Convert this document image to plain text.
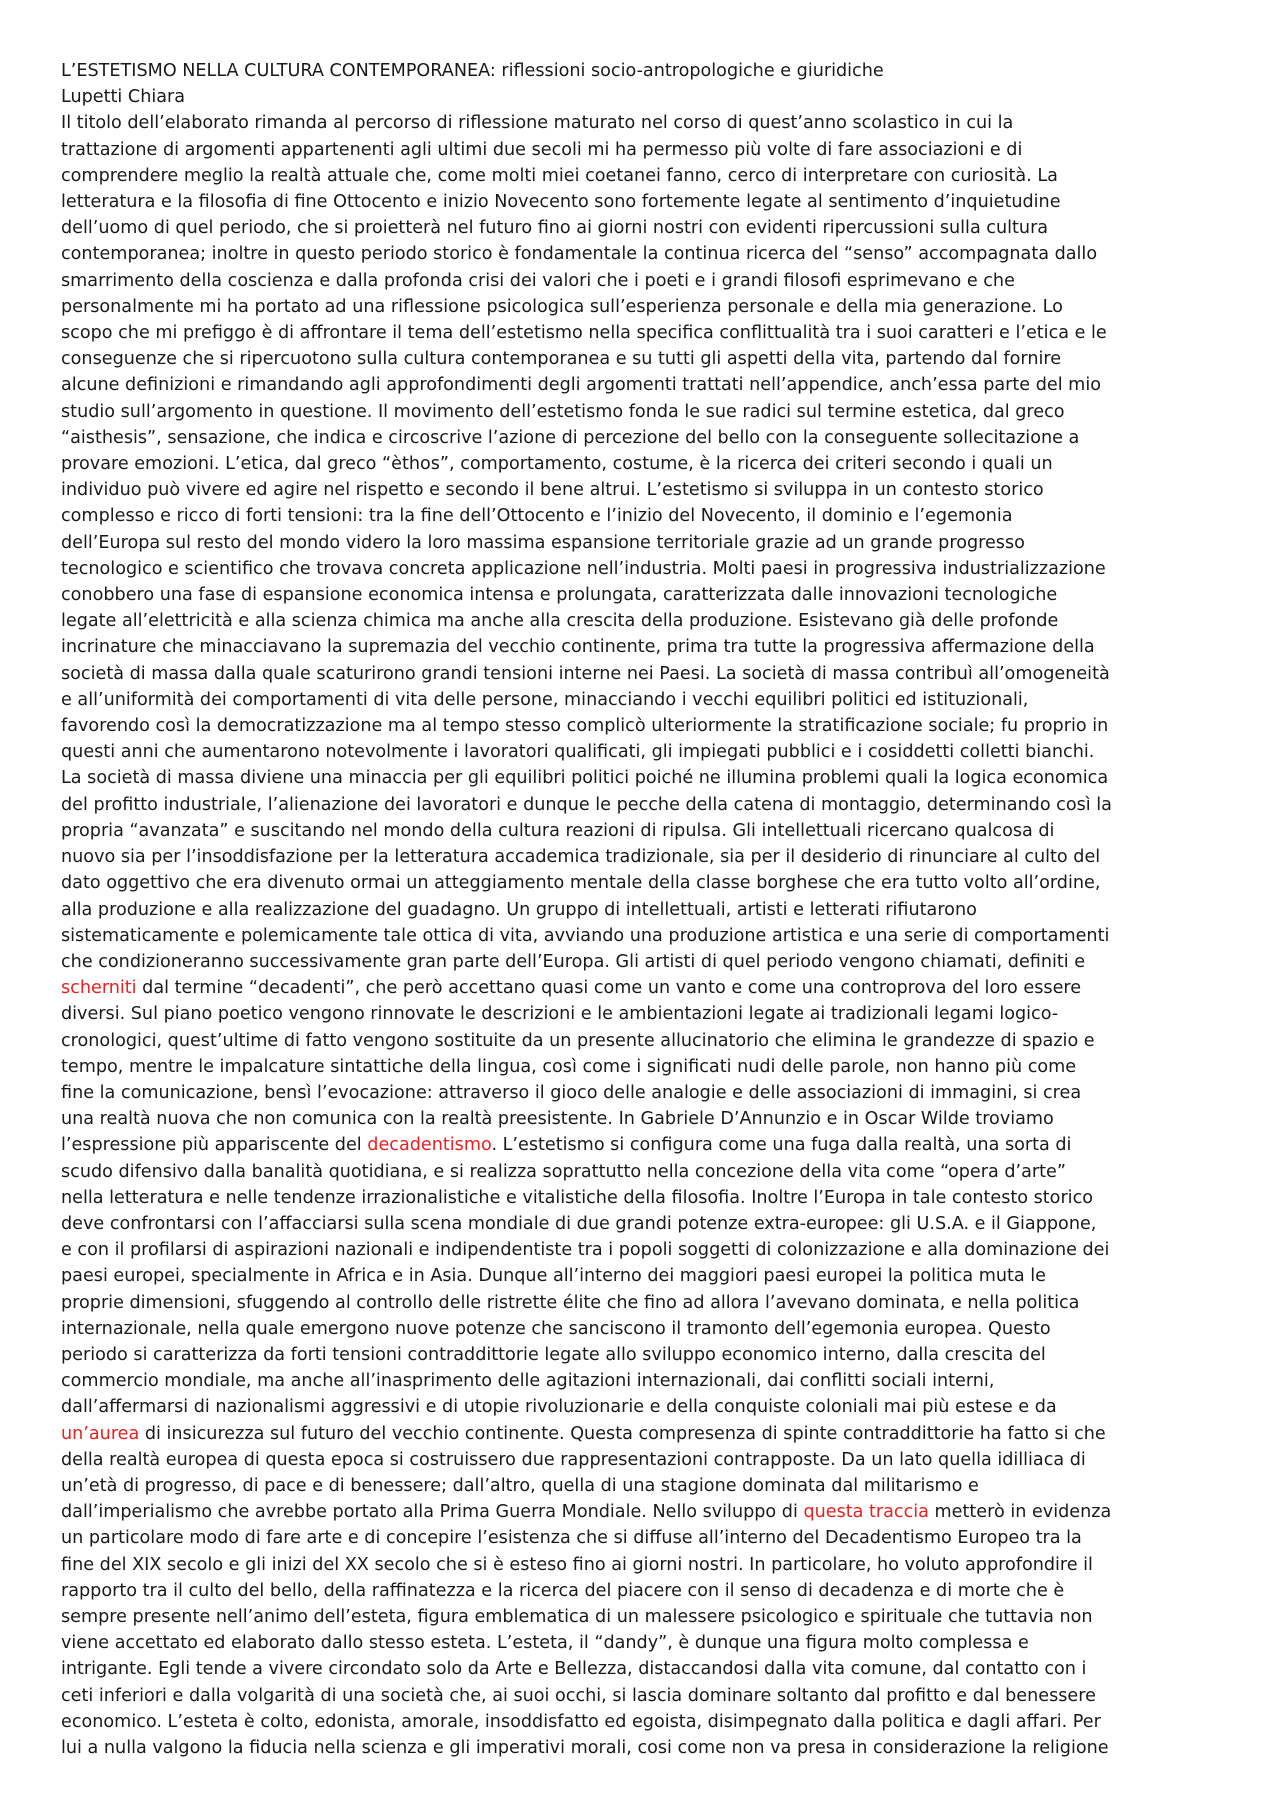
L’ESTETISMO NELLA CULTURA CONTEMPORANEA: riflessioni socio-antropologiche e giuridiche
Lupetti Chiara
Il titolo dell’elaborato rimanda al percorso di riflessione maturato nel corso di quest’anno scolastico in cui la
trattazione di argomenti appartenenti agli ultimi due secoli mi ha permesso più volte di fare associazioni e di
comprendere meglio la realtà attuale che, come molti miei coetanei fanno, cerco di interpretare con curiosità. La
letteratura e la filosofia di fine Ottocento e inizio Novecento sono fortemente legate al sentimento d’inquietudine
dell’uomo di quel periodo, che si proietterà nel futuro fino ai giorni nostri con evidenti ripercussioni sulla cultura
contemporanea; inoltre in questo periodo storico è fondamentale la continua ricerca del “senso” accompagnata dallo
smarrimento della coscienza e dalla profonda crisi dei valori che i poeti e i grandi filosofi esprimevano e che
personalmente mi ha portato ad una riflessione psicologica sull’esperienza personale e della mia generazione. Lo
scopo che mi prefiggo è di affrontare il tema dell’estetismo nella specifica conflittualità tra i suoi caratteri e l’etica e le
conseguenze che si ripercuotono sulla cultura contemporanea e su tutti gli aspetti della vita, partendo dal fornire
alcune definizioni e rimandando agli approfondimenti degli argomenti trattati nell’appendice, anch’essa parte del mio
studio sull’argomento in questione. Il movimento dell’estetismo fonda le sue radici sul termine estetica, dal greco
“aisthesis”, sensazione, che indica e circoscrive l’azione di percezione del bello con la conseguente sollecitazione a
provare emozioni. L’etica, dal greco “èthos”, comportamento, costume, è la ricerca dei criteri secondo i quali un
individuo può vivere ed agire nel rispetto e secondo il bene altrui. L’estetismo si sviluppa in un contesto storico
complesso e ricco di forti tensioni: tra la fine dell’Ottocento e l’inizio del Novecento, il dominio e l’egemonia
dell’Europa sul resto del mondo videro la loro massima espansione territoriale grazie ad un grande progresso
tecnologico e scientifico che trovava concreta applicazione nell’industria. Molti paesi in progressiva industrializzazione
conobbero una fase di espansione economica intensa e prolungata, caratterizzata dalle innovazioni tecnologiche
legate all’elettricità e alla scienza chimica ma anche alla crescita della produzione. Esistevano già delle profonde
incrinature che minacciavano la supremazia del vecchio continente, prima tra tutte la progressiva affermazione della
società di massa dalla quale scaturirono grandi tensioni interne nei Paesi. La società di massa contribuì all’omogeneità
e all’uniformità dei comportamenti di vita delle persone, minacciando i vecchi equilibri politici ed istituzionali,
favorendo così la democratizzazione ma al tempo stesso complicò ulteriormente la stratificazione sociale; fu proprio in
questi anni che aumentarono notevolmente i lavoratori qualificati, gli impiegati pubblici e i cosiddetti colletti bianchi.
La società di massa diviene una minaccia per gli equilibri politici poiché ne illumina problemi quali la logica economica
del profitto industriale, l’alienazione dei lavoratori e dunque le pecche della catena di montaggio, determinando così la
propria “avanzata” e suscitando nel mondo della cultura reazioni di ripulsa. Gli intellettuali ricercano qualcosa di
nuovo sia per l’insoddisfazione per la letteratura accademica tradizionale, sia per il desiderio di rinunciare al culto del
dato oggettivo che era divenuto ormai un atteggiamento mentale della classe borghese che era tutto volto all’ordine,
alla produzione e alla realizzazione del guadagno. Un gruppo di intellettuali, artisti e letterati rifiutarono
sistematicamente e polemicamente tale ottica di vita, avviando una produzione artistica e una serie di comportamenti
che condizioneranno successivamente gran parte dell’Europa. Gli artisti di quel periodo vengono chiamati, definiti e
scherniti dal termine “decadenti”, che però accettano quasi come un vanto e come una controprova del loro essere
diversi. Sul piano poetico vengono rinnovate le descrizioni e le ambientazioni legate ai tradizionali legami logico-
cronologici, quest’ultime di fatto vengono sostituite da un presente allucinatorio che elimina le grandezze di spazio e
tempo, mentre le impalcature sintattiche della lingua, così come i significati nudi delle parole, non hanno più come
fine la comunicazione, bensì l’evocazione: attraverso il gioco delle analogie e delle associazioni di immagini, si crea
una realtà nuova che non comunica con la realtà preesistente. In Gabriele D’Annunzio e in Oscar Wilde troviamo
l’espressione più appariscente del decadentismo. L’estetismo si configura come una fuga dalla realtà, una sorta di
scudo difensivo dalla banalità quotidiana, e si realizza soprattutto nella concezione della vita come “opera d’arte”
nella letteratura e nelle tendenze irrazionalistiche e vitalistiche della filosofia. Inoltre l’Europa in tale contesto storico
deve confrontarsi con l’affacciarsi sulla scena mondiale di due grandi potenze extra-europee: gli U.S.A. e il Giappone,
e con il profilarsi di aspirazioni nazionali e indipendentiste tra i popoli soggetti di colonizzazione e alla dominazione dei
paesi europei, specialmente in Africa e in Asia. Dunque all’interno dei maggiori paesi europei la politica muta le
proprie dimensioni, sfuggendo al controllo delle ristrette élite che fino ad allora l’avevano dominata, e nella politica
internazionale, nella quale emergono nuove potenze che sanciscono il tramonto dell’egemonia europea. Questo
periodo si caratterizza da forti tensioni contraddittorie legate allo sviluppo economico interno, dalla crescita del
commercio mondiale, ma anche all’inasprimento delle agitazioni internazionali, dai conflitti sociali interni,
dall’affermarsi di nazionalismi aggressivi e di utopie rivoluzionarie e della conquiste coloniali mai più estese e da
un’aurea di insicurezza sul futuro del vecchio continente. Questa compresenza di spinte contraddittorie ha fatto si che
della realtà europea di questa epoca si costruissero due rappresentazioni contrapposte. Da un lato quella idilliaca di
un’età di progresso, di pace e di benessere; dall’altro, quella di una stagione dominata dal militarismo e
dall’imperialismo che avrebbe portato alla Prima Guerra Mondiale. Nello sviluppo di questa traccia metterò in evidenza
un particolare modo di fare arte e di concepire l’esistenza che si diffuse all’interno del Decadentismo Europeo tra la
fine del XIX secolo e gli inizi del XX secolo che si è esteso fino ai giorni nostri. In particolare, ho voluto approfondire il
rapporto tra il culto del bello, della raffinatezza e la ricerca del piacere con il senso di decadenza e di morte che è
sempre presente nell’animo dell’esteta, figura emblematica di un malessere psicologico e spirituale che tuttavia non
viene accettato ed elaborato dallo stesso esteta. L’esteta, il “dandy”, è dunque una figura molto complessa e
intrigante. Egli tende a vivere circondato solo da Arte e Bellezza, distaccandosi dalla vita comune, dal contatto con i
ceti inferiori e dalla volgarità di una società che, ai suoi occhi, si lascia dominare soltanto dal profitto e dal benessere
economico. L’esteta è colto, edonista, amorale, insoddisfatto ed egoista, disimpegnato dalla politica e dagli affari. Per
lui a nulla valgono la fiducia nella scienza e gli imperativi morali, cosi come non va presa in considerazione la religione
